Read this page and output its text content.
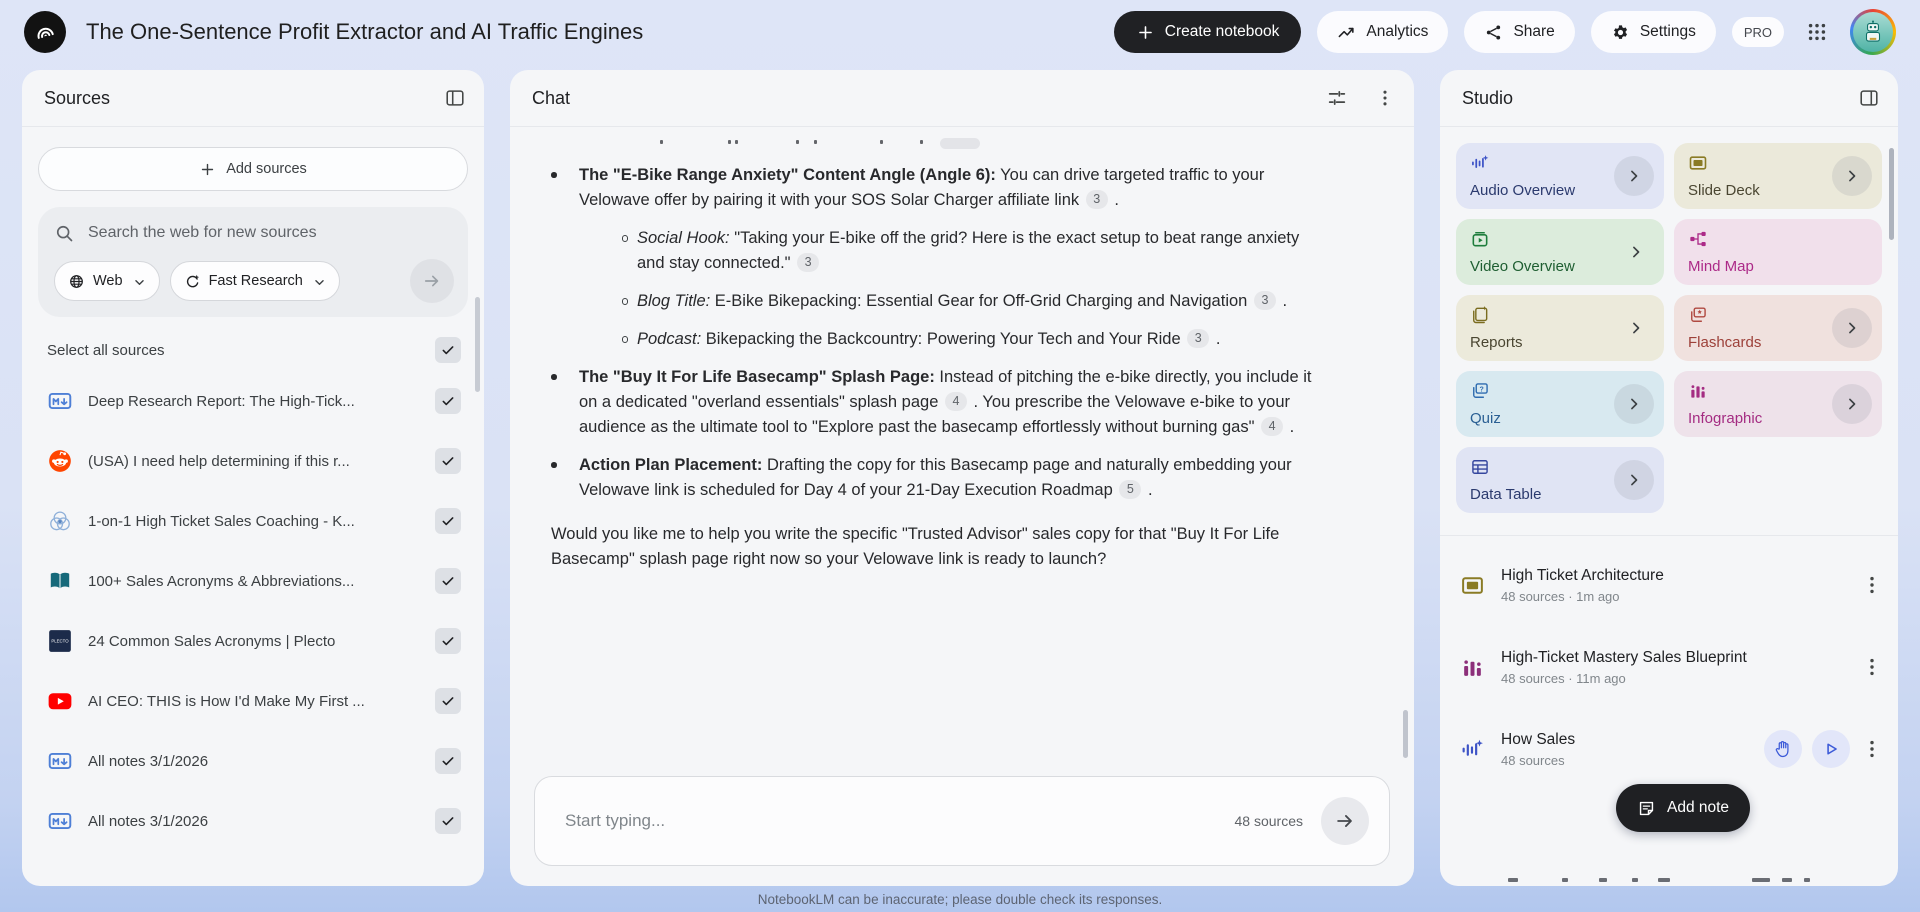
The One-Sentence Profit Extractor and AI Traffic Engines	Create notebook	Analytics	Share	Settings	PRO
Sources
Add sources
Search the web for new sources
Web	Fast Research
Select all sources
Deep Research Report: The High-Tick...
(USA) I need help determining if this r...
1-on-1 High Ticket Sales Coaching - K...
100+ Sales Acronyms & Abbreviations...
PLECTO 24 Common Sales Acronyms | Plecto
AI CEO: THIS is How I'd Make My First ...
All notes 3/1/2026
All notes 3/1/2026
Chat
The "E-Bike Range Anxiety" Content Angle (Angle 6): You can drive targeted traffic to your Velowave offer by pairing it with your SOS Solar Charger affiliate link 3 .
Social Hook: "Taking your E-bike off the grid? Here is the exact setup to beat range anxiety and stay connected." 3
Blog Title: E-Bike Bikepacking: Essential Gear for Off-Grid Charging and Navigation 3 .
Podcast: Bikepacking the Backcountry: Powering Your Tech and Your Ride 3 .
The "Buy It For Life Basecamp" Splash Page: Instead of pitching the e-bike directly, you include it on a dedicated "overland essentials" splash page 4 . You prescribe the Velowave e-bike to your audience as the ultimate tool to "Explore past the basecamp effortlessly without burning gas" 4 .
Action Plan Placement: Drafting the copy for this Basecamp page and naturally embedding your Velowave link is scheduled for Day 4 of your 21-Day Execution Roadmap 5 .

Would you like me to help you write the specific "Trusted Advisor" sales copy for that "Buy It For Life Basecamp" splash page right now so your Velowave link is ready to launch?

Start typing...
48 sources
Studio
Audio Overview	Slide Deck
Video Overview	Mind Map
Reports	Flashcards
?
Quiz	Infographic
Data Table
High Ticket Architecture
48 sources · 1m ago
High-Ticket Mastery Sales Blueprint
48 sources · 11m ago
How Sales
48 sources
Add note
NotebookLM can be inaccurate; please double check its responses.
